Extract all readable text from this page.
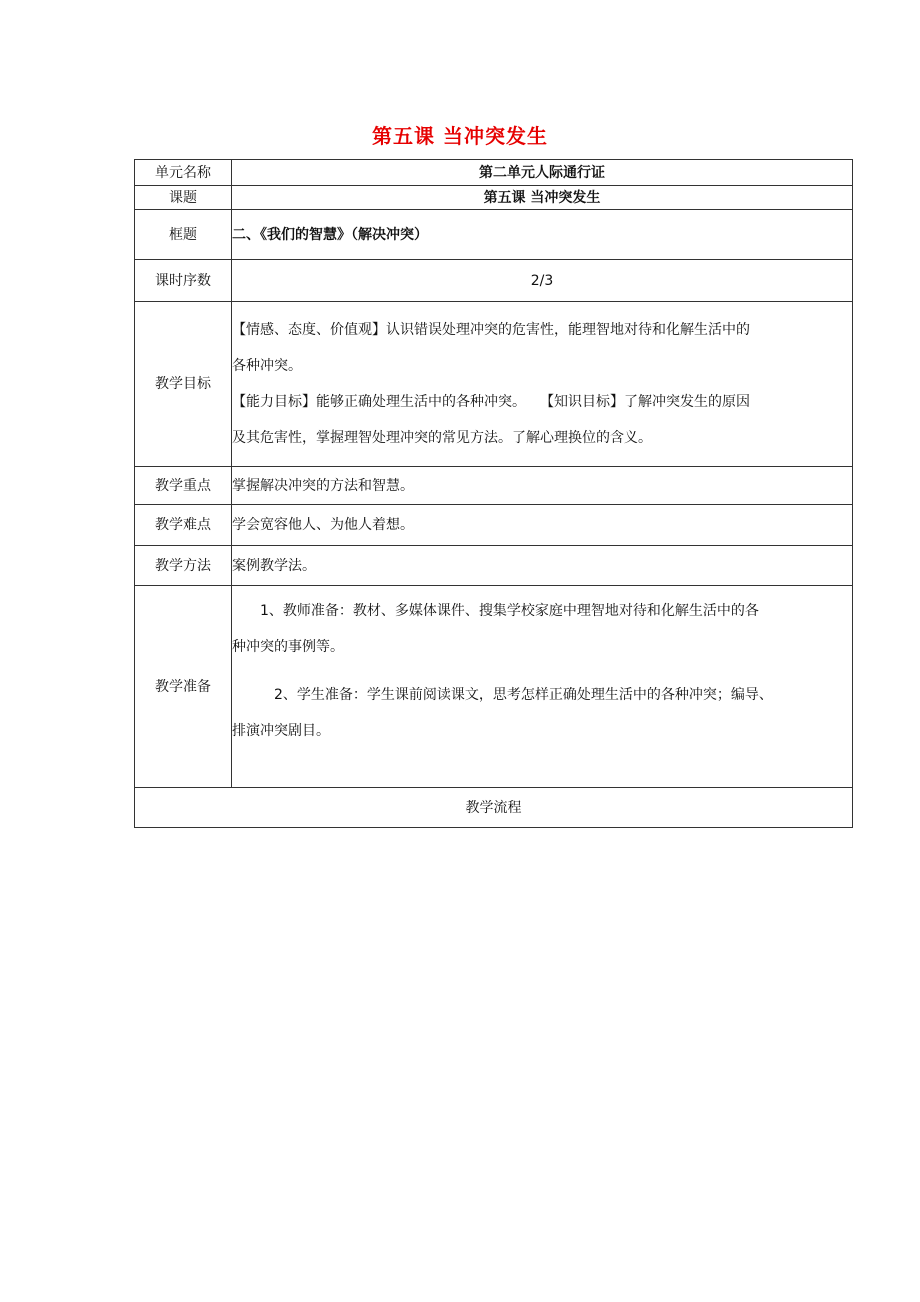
第五课 当冲突发生
单元名称	第二单元人际通行证
课题	第五课 当冲突发生
框题	二、《我们的智慧》（解决冲突）
课时序数	2/3
教学目标	【情感、态度、价值观】认识错误处理冲突的危害性，能理智地对待和化解生活中的

各种冲突。

【能力目标】能够正确处理生活中的各种冲突。　　【知识目标】了解冲突发生的原因

及其危害性，掌握理智处理冲突的常见方法。了解心理换位的含义。

教学重点	掌握解决冲突的方法和智慧。
教学难点	学会宽容他人、为他人着想。
教学方法	案例教学法。
教学准备	1、教师准备：教材、多媒体课件、搜集学校家庭中理智地对待和化解生活中的各

种冲突的事例等。

2、学生准备：学生课前阅读课文，思考怎样正确处理生活中的各种冲突；编导、

排演冲突剧目。

教学流程	
